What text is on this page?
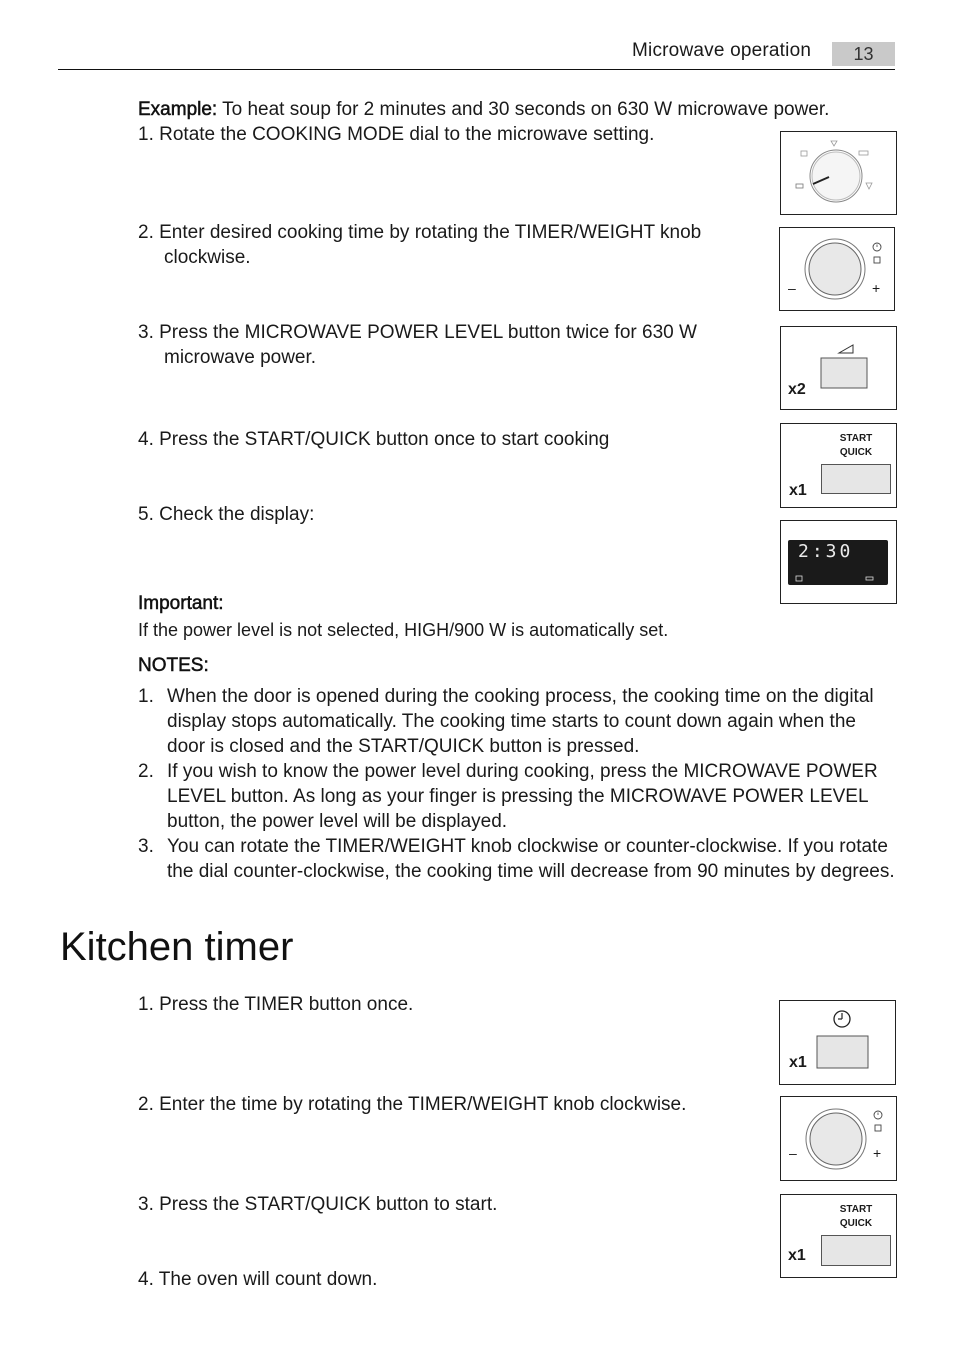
Microwave operation	13
Example: To heat soup for 2 minutes and 30 seconds on 630 W microwave power.
1. Rotate the COOKING MODE dial to the microwave setting.
2. Enter desired cooking time by rotating the TIMER/WEIGHT knob
clockwise.
3. Press the MICROWAVE POWER LEVEL button twice for 630 W
microwave power.
4. Press the START/QUICK button once to start cooking
5. Check the display:
Important:
If the power level is not selected, HIGH/900 W is automatically set.
NOTES:
1. When the door is opened during the cooking process, the cooking time on the digital display stops automatically. The cooking time starts to count down again when the door is closed and the START/QUICK button is pressed.
2. If you wish to know the power level during cooking, press the MICROWAVE POWER LEVEL button. As long as your finger is pressing the MICROWAVE POWER LEVEL button, the power level will be displayed.
3. You can rotate the TIMER/WEIGHT knob clockwise or counter-clockwise. If you rotate the dial counter-clockwise, the cooking time will decrease from 90 minutes by degrees.
Kitchen timer
1. Press the TIMER button once.
2. Enter the time by rotating the TIMER/WEIGHT knob clockwise.
3. Press the START/QUICK button to start.
4. The oven will count down.
–	+
x2
START
QUICK
x1
2:30
x1
–	+
START
QUICK
x1
